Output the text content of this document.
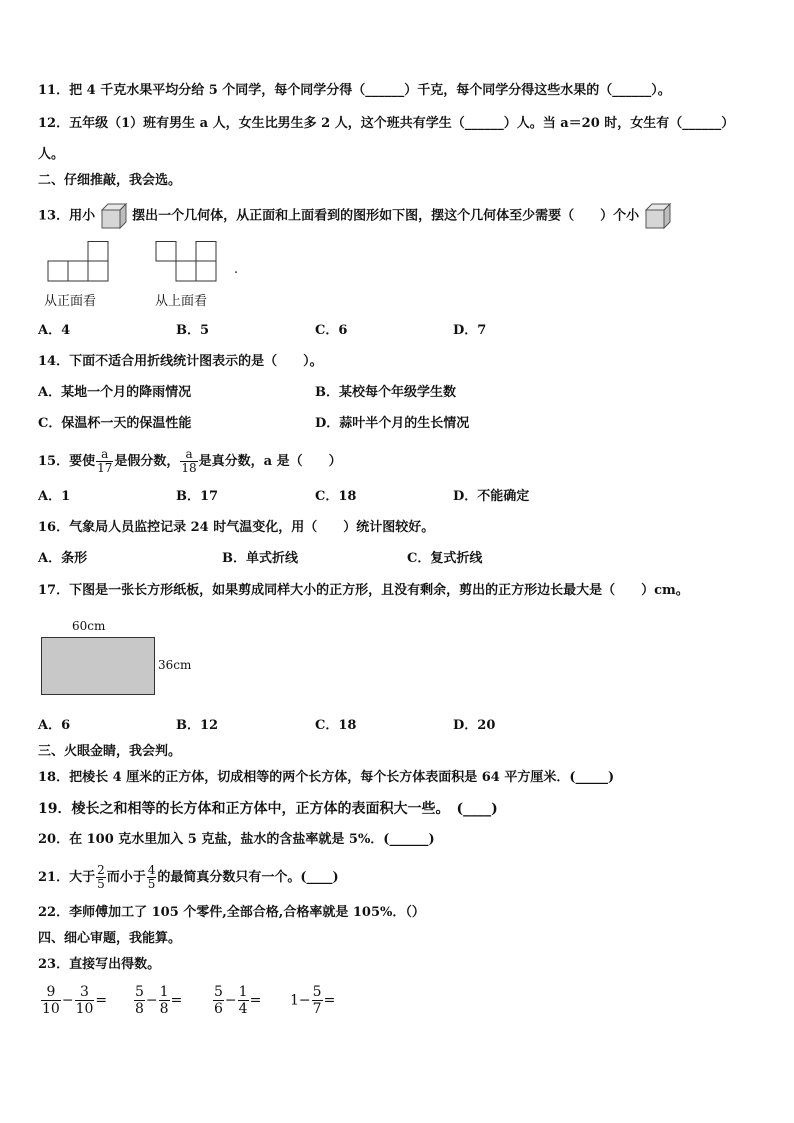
11．把 4 千克水果平均分给 5 个同学，每个同学分得（______）千克，每个同学分得这些水果的（______）。
12．五年级（1）班有男生 a 人，女生比男生多 2 人，这个班共有学生（______）人。当 a＝20 时，女生有（______）
人。
二、仔细推敲，我会选。
13．用小	摆出一个几何体，从正面和上面看到的图形如下图，摆这个几何体至少需要（　　）个小
.
从正面看	从上面看
A．4	B．5	C．6	D．7
14．下面不适合用折线统计图表示的是（　　）。
A．某地一个月的降雨情况	B．某校每个年级学生数
C．保温杯一天的保温性能	D．蒜叶半个月的生长情况
15．要使 $\frac{a}{17}$ 是假分数， $\frac{a}{18}$ 是真分数，a 是（　　）
A．1	B．17	C．18	D．不能确定
16．气象局人员监控记录 24 时气温变化，用（　　）统计图较好。
A．条形	B．单式折线	C．复式折线
17．下图是一张长方形纸板，如果剪成同样大小的正方形，且没有剩余，剪出的正方形边长最大是（　　）cm。
60cm
36cm
A．6	B．12	C．18	D．20
三、火眼金睛，我会判。
18．把棱长 4 厘米的正方体，切成相等的两个长方体，每个长方体表面积是 64 平方厘米．(_____)
19．棱长之和相等的长方体和正方体中，正方体的表面积大一些。　(____)
20．在 100 克水里加入 5 克盐，盐水的含盐率就是 5%．(______)
21．大于 $\frac{2}{5}$ 而小于 $\frac{4}{5}$ 的最简真分数只有一个。(____)
22．李师傅加工了 105 个零件,全部合格,合格率就是 105%．（）
四、细心审题，我能算。
23．直接写出得数。
$\frac{9}{10} - \frac{3}{10} = \frac{5}{8} - \frac{1}{8} = \frac{5}{6} - \frac{1}{4} = 1- \frac{5}{7}$ =
